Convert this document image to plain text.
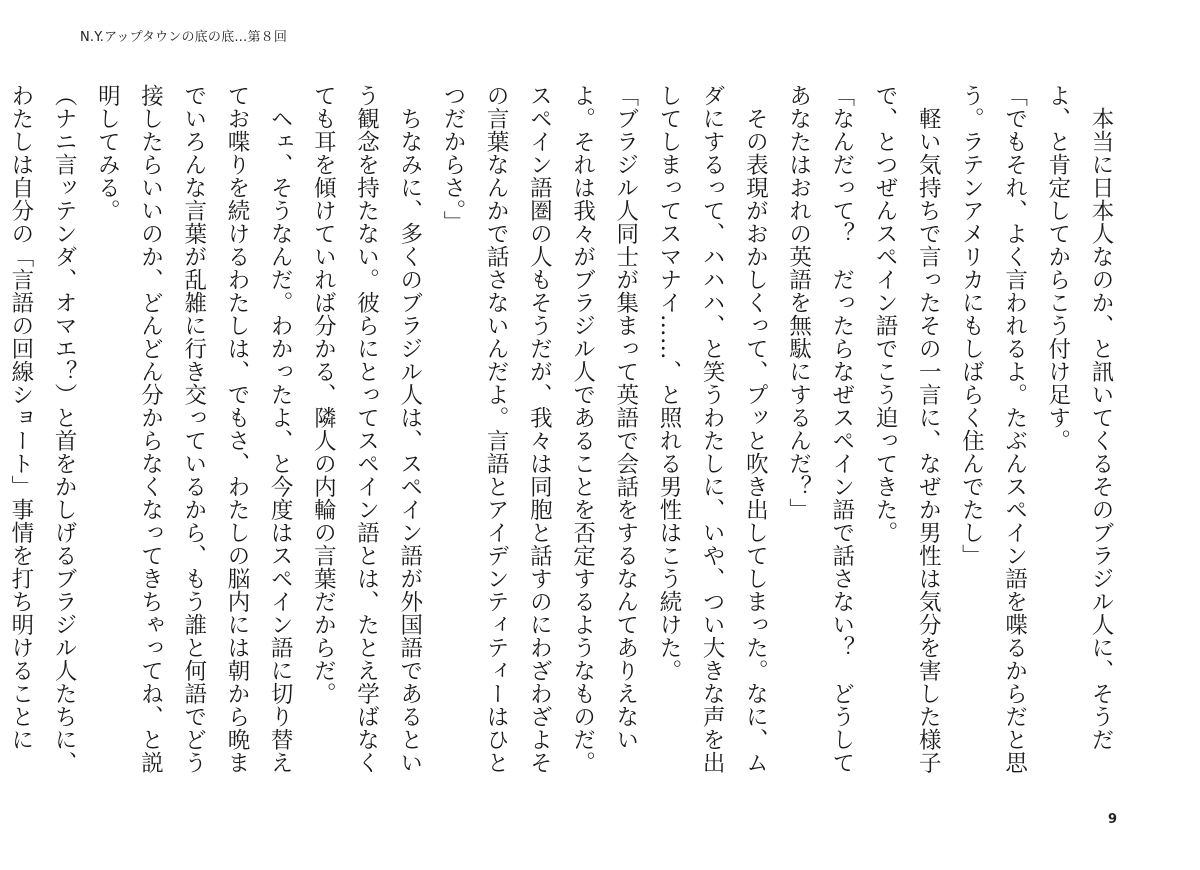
N.Y.アップタウンの底の底…第８回

　本当に日本人なのか、と訊いてくるそのブラジル人に、そうだよ、と肯定してからこう付け足す。

「でもそれ、よく言われるよ。たぶんスペイン語を喋るからだと思う。ラテンアメリカにもしばらく住んでたし」

　軽い気持ちで言ったその一言に、なぜか男性は気分を害した様子で、とつぜんスペイン語でこう迫ってきた。

「なんだって？　だったらなぜスペイン語で話さない？　どうしてあなたはおれの英語を無駄にするんだ？」

　その表現がおかしくって、プッと吹き出してしまった。なに、ムダにするって、ハハハ、と笑うわたしに、いや、つい大きな声を出してしまってスマナイ……、と照れる男性はこう続けた。

「ブラジル人同士が集まって英語で会話をするなんてありえないよ。それは我々がブラジル人であることを否定するようなものだ。スペイン語圏の人もそうだが、我々は同胞と話すのにわざわざよその言葉なんかで話さないんだよ。言語とアイデンティティーはひとつだからさ。」

　ちなみに、多くのブラジル人は、スペイン語が外国語であるという観念を持たない。彼らにとってスペイン語とは、たとえ学ばなくても耳を傾けていれば分かる、隣人の内輪の言葉だからだ。

　ヘェ、そうなんだ。わかったよ、と今度はスペイン語に切り替えてお喋りを続けるわたしは、でもさ、わたしの脳内には朝から晩までいろんな言葉が乱雑に行き交っているから、もう誰と何語でどう接したらいいのか、どんどん分からなくなってきちゃってね、と説明してみる。

（ナニ言ッテンダ、オマエ？）と首をかしげるブラジル人たちに、わたしは自分の「言語の回線ショート」事情を打ち明けることに

9
